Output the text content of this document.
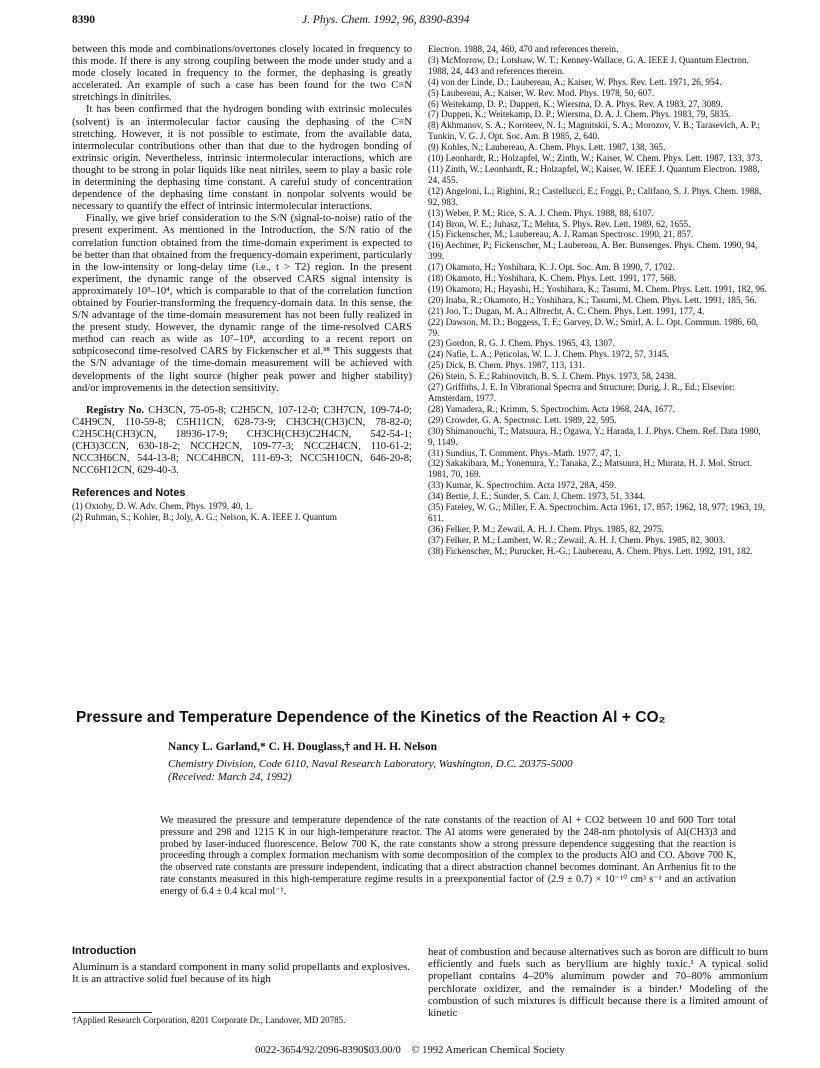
8390	J. Phys. Chem. 1992, 96, 8390-8394

between this mode and combinations/overtones closely located in frequency to this mode. If there is any strong coupling between the mode under study and a mode closely located in frequency to the former, the dephasing is greatly accelerated. An example of such a case has been found for the two C≡N stretchings in dinitriles.

It has been confirmed that the hydrogen bonding with extrinsic molecules (solvent) is an intermolecular factor causing the dephasing of the C≡N stretching. However, it is not possible to estimate, from the available data, intermolecular contributions other than that due to the hydrogen bonding of extrinsic origin. Nevertheless, intrinsic intermolecular interactions, which are thought to be strong in polar liquids like neat nitriles, seem to play a basic role in determining the dephasing time constant. A careful study of concentration dependence of the dephasing time constant in nonpolar solvents would be necessary to quantify the effect of intrinsic intermolecular interactions.

Finally, we give brief consideration to the S/N (signal-to-noise) ratio of the present experiment. As mentioned in the Introduction, the S/N ratio of the correlation function obtained from the time-domain experiment is expected to be better than that obtained from the frequency-domain experiment, particularly in the low-intensity or long-delay time (i.e., t > T2) region. In the present experiment, the dynamic range of the observed CARS signal intensity is approximately 10³–10⁴, which is comparable to that of the correlation function obtained by Fourier-transforming the frequency-domain data. In this sense, the S/N advantage of the time-domain measurement has not been fully realized in the present study. However, the dynamic range of the time-resolved CARS method can reach as wide as 10⁷–10⁸, according to a recent report on subpicosecond time-resolved CARS by Fickenscher et al.³⁸ This suggests that the S/N advantage of the time-domain measurement will be achieved with developments of the light source (higher peak power and higher stability) and/or improvements in the detection sensitivity.

Registry No. CH3CN, 75-05-8; C2H5CN, 107-12-0; C3H7CN, 109-74-0; C4H9CN, 110-59-8; C5H11CN, 628-73-9; CH3CH(CH3)CN, 78-82-0; C2H5CH(CH3)CN, 18936-17-9; CH3CH(CH3)C2H4CN, 542-54-1; (CH3)3CCN, 630-18-2; NCCH2CN, 109-77-3; NCC2H4CN, 110-61-2; NCC3H6CN, 544-13-8; NCC4H8CN, 111-69-3; NCC5H10CN, 646-20-8; NCC6H12CN, 629-40-3.

References and Notes
(1) Oxtoby, D. W. Adv. Chem. Phys. 1979, 40, 1.
(2) Ruhman, S.; Kohler, B.; Joly, A. G.; Nelson, K. A. IEEE J. Quantum
Electron. 1988, 24, 460, 470 and references therein.
(3) McMorrow, D.; Lotshaw, W. T.; Kenney-Wallace, G. A. IEEE J. Quantum Electron. 1988, 24, 443 and references therein.
(4) von der Linde, D.; Laubereau, A.; Kaiser, W. Phys. Rev. Lett. 1971, 26, 954.
(5) Laubereau, A.; Kaiser, W. Rev. Mod. Phys. 1978, 50, 607.
(6) Weitekamp, D. P.; Duppen, K.; Wiersma, D. A. Phys. Rev. A 1983, 27, 3089.
(7) Duppen, K.; Weitekamp, D. P.; Wiersma, D. A. J. Chem. Phys. 1983, 79, 5835.
(8) Akhmanov, S. A.; Koroteev, N. I.; Magnitskii, S. A.; Morozov, V. B.; Tarasevich, A. P.; Tunkin, V. G. J. Opt. Soc. Am. B 1985, 2, 640.
(9) Kohles, N.; Laubereau, A. Chem. Phys. Lett. 1987, 138, 365.
(10) Leonhardt, R.; Holzapfel, W.; Zinth, W.; Kaiser, W. Chem. Phys. Lett. 1987, 133, 373.
(11) Zinth, W.; Leonhardt, R.; Holzapfel, W.; Kaiser, W. IEEE J. Quantum Electron. 1988, 24, 455.
(12) Angeloni, L.; Righini, R.; Castellucci, E.; Foggi, P.; Califano, S. J. Phys. Chem. 1988, 92, 983.
(13) Weber, P. M.; Rice, S. A. J. Chem. Phys. 1988, 88, 6107.
(14) Bron, W. E.; Juhasz, T.; Mehta, S. Phys. Rev. Lett. 1989, 62, 1655.
(15) Fickenscher, M.; Laubereau, A. J. Raman Spectrosc. 1990, 21, 857.
(16) Aechtner, P.; Fickenscher, M.; Laubereau, A. Ber. Bunsenges. Phys. Chem. 1990, 94, 399.
(17) Okamoto, H.; Yoshihara, K. J. Opt. Soc. Am. B 1990, 7, 1702.
(18) Okamoto, H.; Yoshihara, K. Chem. Phys. Lett. 1991, 177, 568.
(19) Okamoto, H.; Hayashi, H.; Yoshihara, K.; Tasumi, M. Chem. Phys. Lett. 1991, 182, 96.
(20) Inaba, R.; Okamoto, H.; Yoshihara, K.; Tasumi, M. Chem. Phys. Lett. 1991, 185, 56.
(21) Joo, T.; Dugan, M. A.; Albrecht, A. C. Chem. Phys. Lett. 1991, 177, 4.
(22) Dawson, M. D.; Boggess, T. F.; Garvey, D. W.; Smirl, A. L. Opt. Commun. 1986, 60, 79.
(23) Gordon, R. G. J. Chem. Phys. 1965, 43, 1307.
(24) Nafie, L. A.; Peticolas, W. L. J. Chem. Phys. 1972, 57, 3145.
(25) Dick, B. Chem. Phys. 1987, 113, 131.
(26) Stein, S. E.; Rabinovitch, B. S. J. Chem. Phys. 1973, 58, 2438.
(27) Griffiths, J. E. In Vibrational Spectra and Structure; Durig, J. R., Ed.; Elsevier: Amsterdam, 1977.
(28) Yamadera, R.; Krimm, S. Spectrochim. Acta 1968, 24A, 1677.
(29) Crowder, G. A. Spectrosc. Lett. 1989, 22, 595.
(30) Shimanouchi, T.; Matsuura, H.; Ogawa, Y.; Harada, I. J. Phys. Chem. Ref. Data 1980, 9, 1149.
(31) Sundius, T. Comment. Phys.-Math. 1977, 47, 1.
(32) Sakakibara, M.; Yonemura, Y.; Tanaka, Z.; Matsuura, H.; Murata, H. J. Mol. Struct. 1981, 70, 169.
(33) Kumar, K. Spectrochim. Acta 1972, 28A, 459.
(34) Bertie, J. E.; Sunder, S. Can. J. Chem. 1973, 51, 3344.
(35) Fateley, W. G.; Miller, F. A. Spectrochim. Acta 1961, 17, 857; 1962, 18, 977; 1963, 19, 611.
(36) Felker, P. M.; Zewail, A. H. J. Chem. Phys. 1985, 82, 2975.
(37) Felker, P. M.; Lambert, W. R.; Zewail, A. H. J. Chem. Phys. 1985, 82, 3003.
(38) Fickenscher, M.; Purucker, H.-G.; Laubereau, A. Chem. Phys. Lett. 1992, 191, 182.
Pressure and Temperature Dependence of the Kinetics of the Reaction Al + CO₂
Nancy L. Garland,* C. H. Douglass,† and H. H. Nelson
Chemistry Division, Code 6110, Naval Research Laboratory, Washington, D.C. 20375-5000
(Received: March 24, 1992)
We measured the pressure and temperature dependence of the rate constants of the reaction of Al + CO2 between 10 and 600 Torr total pressure and 298 and 1215 K in our high-temperature reactor. The Al atoms were generated by the 248-nm photolysis of Al(CH3)3 and probed by laser-induced fluorescence. Below 700 K, the rate constants show a strong pressure dependence suggesting that the reaction is proceeding through a complex formation mechanism with some decomposition of the complex to the products AlO and CO. Above 700 K, the observed rate constants are pressure independent, indicating that a direct abstraction channel becomes dominant. An Arrhenius fit to the rate constants measured in this high-temperature regime results in a preexponential factor of (2.9 ± 0.7) × 10⁻¹⁰ cm³ s⁻¹ and an activation energy of 6.4 ± 0.4 kcal mol⁻¹.
Introduction
Aluminum is a standard component in many solid propellants and explosives. It is an attractive solid fuel because of its high
heat of combustion and because alternatives such as boron are difficult to burn efficiently and fuels such as beryllium are highly toxic.¹ A typical solid propellant contains 4–20% aluminum powder and 70–80% ammonium perchlorate oxidizer, and the remainder is a binder.¹ Modeling of the combustion of such mixtures is difficult because there is a limited amount of kinetic
†Applied Research Corporation, 8201 Corporate Dr., Landover, MD 20785.
0022-3654/92/2096-8390$03.00/0 © 1992 American Chemical Society
